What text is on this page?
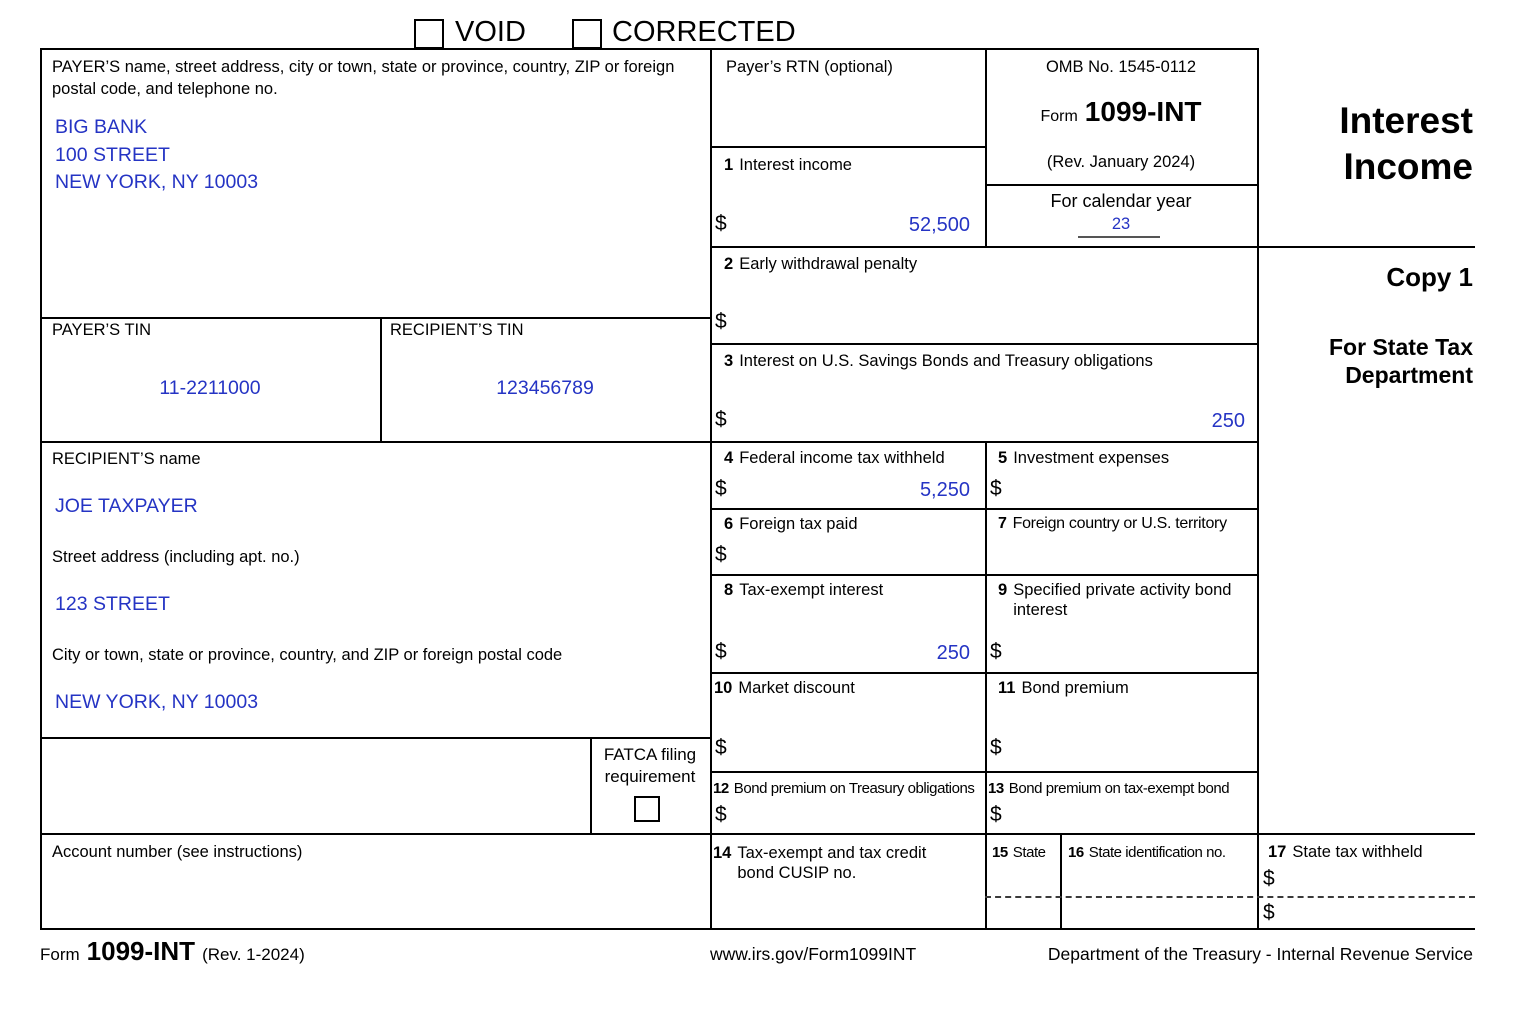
VOID	CORRECTED
PAYER’S name, street address, city or town, state or province, country, ZIP or foreign postal code, and telephone no.
BIG BANK
100 STREET
NEW YORK, NY 10003
Payer’s RTN (optional)
1 Interest income
$	52,500
OMB No. 1545-0112
Form 1099-INT
(Rev. January 2024)
For calendar year
23
Interest
Income
Copy 1
For State Tax
Department
2 Early withdrawal penalty
$
3 Interest on U.S. Savings Bonds and Treasury obligations
$	250
PAYER’S TIN	RECIPIENT’S TIN
11-2211000	123456789
RECIPIENT’S name
JOE TAXPAYER
Street address (including apt. no.)
123 STREET
City or town, state or province, country, and ZIP or foreign postal code
NEW YORK, NY 10003
4 Federal income tax withheld
$	5,250
5 Investment expenses
$
6 Foreign tax paid
$
7 Foreign country or U.S. territory
8 Tax-exempt interest
$	250
9 Specified private activity bond interest
$
10 Market discount
$
11 Bond premium
$
FATCA filing
requirement
12 Bond premium on Treasury obligations
$
13 Bond premium on tax-exempt bond
$
Account number (see instructions)	14 Tax-exempt and tax credit bond CUSIP no.
15 State 16 State identification no.	17 State tax withheld
$
$
Form 1099-INT (Rev. 1-2024)	www.irs.gov/Form1099INT	Department of the Treasury - Internal Revenue Service
